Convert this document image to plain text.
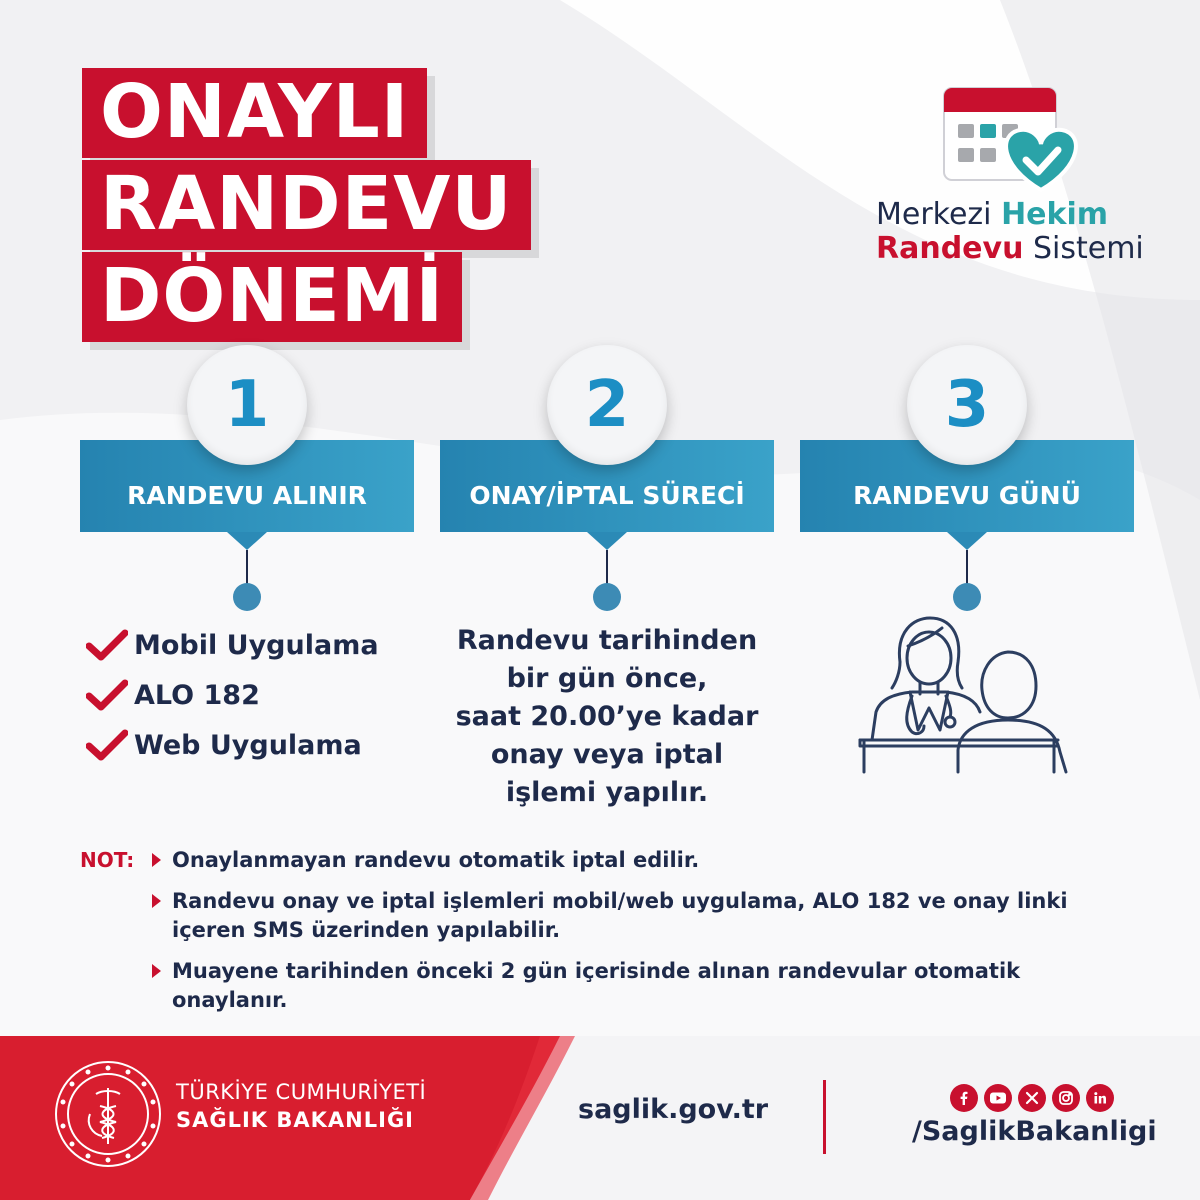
ONAYLI
RANDEVU
DÖNEMİ
Merkezi Hekim
Randevu Sistemi
1
RANDEVU ALINIR
2
ONAY/İPTAL SÜRECİ
3
RANDEVU GÜNÜ
Mobil Uygulama
ALO 182
Web Uygulama
Randevu tarihinden
bir gün önce,
saat 20.00’ye kadar
onay veya iptal
işlemi yapılır.
NOT:	Onaylanmayan randevu otomatik iptal edilir.
Randevu onay ve iptal işlemleri mobil/web uygulama, ALO 182 ve onay linki içeren SMS üzerinden yapılabilir.
Muayene tarihinden önceki 2 gün içerisinde alınan randevular otomatik onaylanır.
TÜRKİYE CUMHURİYETİ
SAĞLIK BAKANLIĞI	saglik.gov.tr
/SaglikBakanligi
